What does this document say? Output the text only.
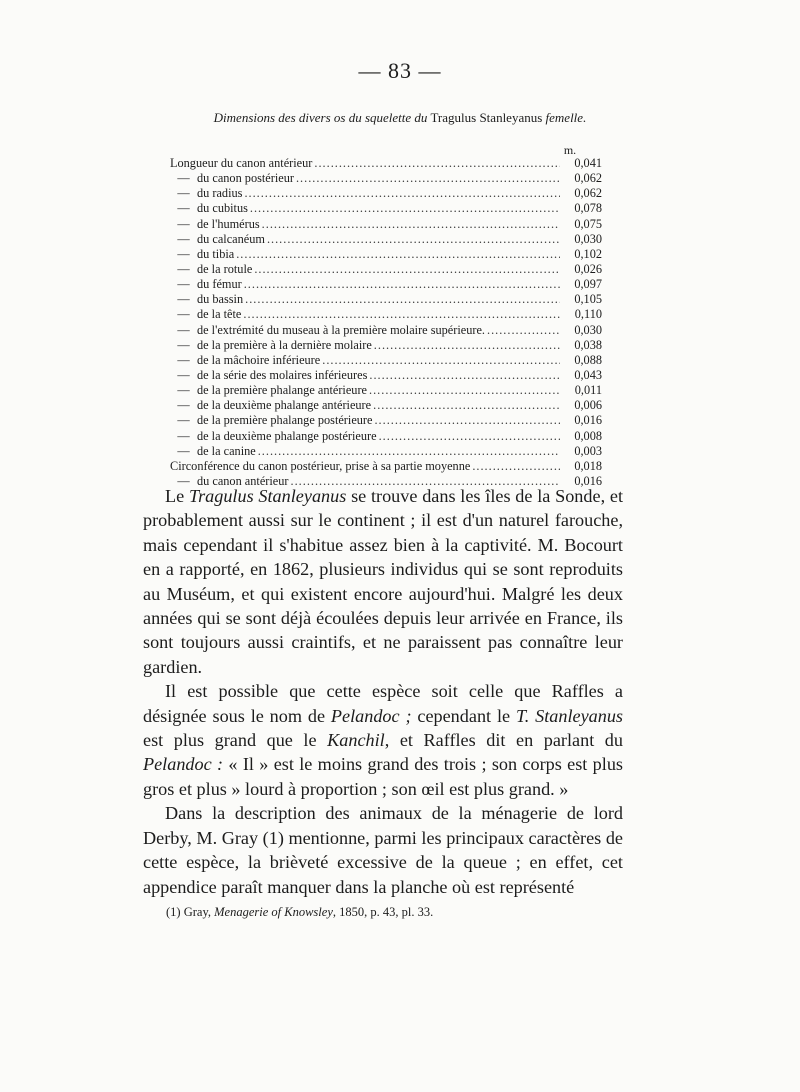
— 83 —
Dimensions des divers os du squelette du Tragulus Stanleyanus femelle.
m.
Longueur du canon antérieur .....	0,041
— du canon postérieur .....	0,062
— du radius .....	0,062
— du cubitus .....	0,078
— de l'humérus .....	0,075
— du calcanéum .....	0,030
— du tibia .....	0,102
— de la rotule .....	0,026
— du fémur .....	0,097
— du bassin .....	0,105
— de la tête .....	0,110
— de l'extrémité du museau à la première molaire supérieure. .....	0,030
— de la première à la dernière molaire .....	0,038
— de la mâchoire inférieure .....	0,088
— de la série des molaires inférieures .....	0,043
— de la première phalange antérieure .....	0,011
— de la deuxième phalange antérieure .....	0,006
— de la première phalange postérieure .....	0,016
— de la deuxième phalange postérieure .....	0,008
— de la canine .....	0,003
Circonférence du canon postérieur, prise à sa partie moyenne .....	0,018
— du canon antérieur .....	0,016

Le Tragulus Stanleyanus se trouve dans les îles de la Sonde, et probablement aussi sur le continent ; il est d'un naturel farouche, mais cependant il s'habitue assez bien à la captivité. M. Bocourt en a rapporté, en 1862, plusieurs individus qui se sont reproduits au Muséum, et qui existent encore aujourd'hui. Malgré les deux années qui se sont déjà écoulées depuis leur arrivée en France, ils sont toujours aussi craintifs, et ne paraissent pas connaître leur gardien.

Il est possible que cette espèce soit celle que Raffles a désignée sous le nom de Pelandoc ; cependant le T. Stanleyanus est plus grand que le Kanchil, et Raffles dit en parlant du Pelandoc : « Il » est le moins grand des trois ; son corps est plus gros et plus » lourd à proportion ; son œil est plus grand. »

Dans la description des animaux de la ménagerie de lord Derby, M. Gray (1) mentionne, parmi les principaux caractères de cette espèce, la brièveté excessive de la queue ; en effet, cet appendice paraît manquer dans la planche où est représenté

(1) Gray, Menagerie of Knowsley, 1850, p. 43, pl. 33.
